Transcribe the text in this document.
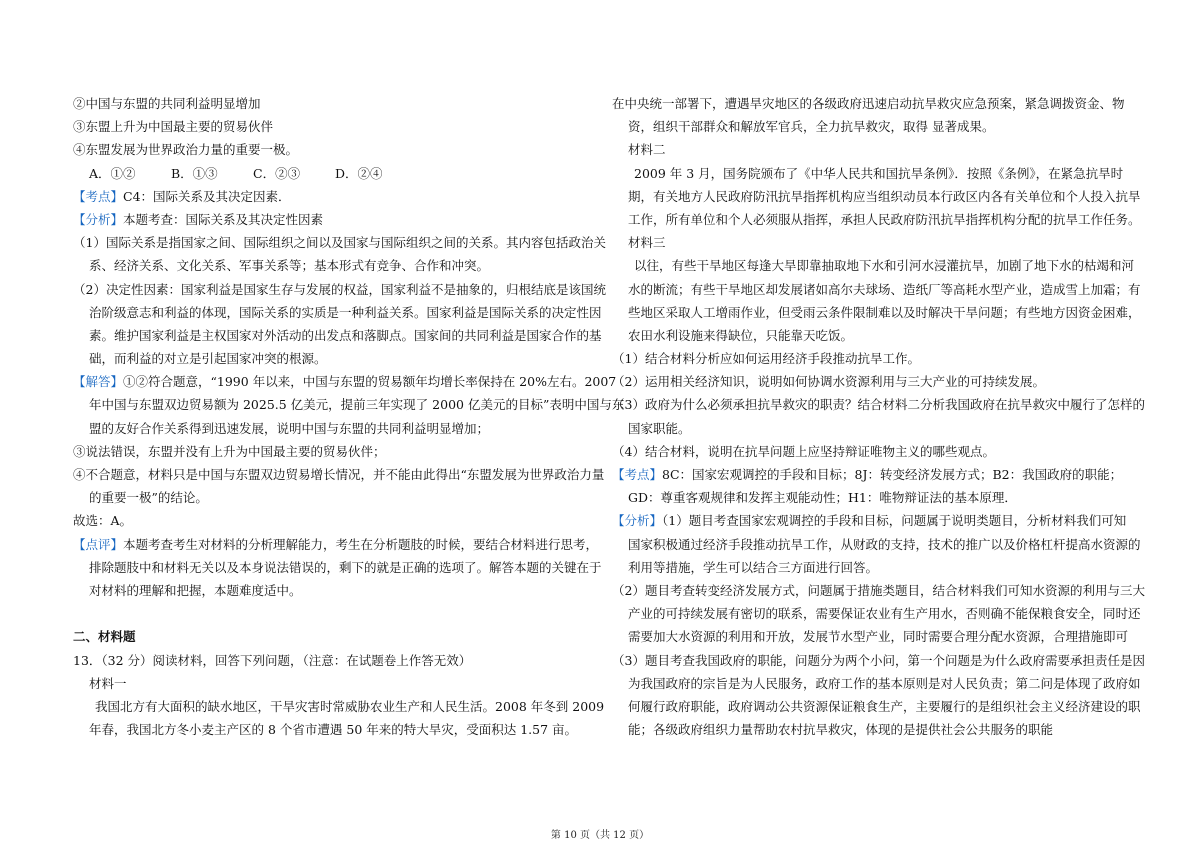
②中国与东盟的共同利益明显增加
③东盟上升为中国最主要的贸易伙伴
④东盟发展为世界政治力量的重要一极。
A．①②	B．①③	C．②③	D．②④
【考点】C4：国际关系及其决定因素．
【分析】本题考查：国际关系及其决定性因素
（1）国际关系是指国家之间、国际组织之间以及国家与国际组织之间的关系。其内容包括政治关
系、经济关系、文化关系、军事关系等；基本形式有竞争、合作和冲突。
（2）决定性因素：国家利益是国家生存与发展的权益，国家利益不是抽象的，归根结底是该国统
治阶级意志和利益的体现，国际关系的实质是一种利益关系。国家利益是国际关系的决定性因
素。维护国家利益是主权国家对外活动的出发点和落脚点。国家间的共同利益是国家合作的基
础，而利益的对立是引起国家冲突的根源。
【解答】①②符合题意，“1990 年以来，中国与东盟的贸易额年均增长率保持在 20%左右。2007
年中国与东盟双边贸易额为 2025.5 亿美元，提前三年实现了 2000 亿美元的目标”表明中国与东
盟的友好合作关系得到迅速发展，说明中国与东盟的共同利益明显增加；
③说法错误，东盟并没有上升为中国最主要的贸易伙伴；
④不合题意，材料只是中国与东盟双边贸易增长情况，并不能由此得出“东盟发展为世界政治力量
的重要一极”的结论。
故选：A。
【点评】本题考查考生对材料的分析理解能力，考生在分析题肢的时候，要结合材料进行思考，
排除题肢中和材料无关以及本身说法错误的，剩下的就是正确的选项了。解答本题的关键在于
对材料的理解和把握，本题难度适中。
二、材料题
13．（32 分）阅读材料，回答下列问题，（注意：在试题卷上作答无效）
材料一
我国北方有大面积的缺水地区，干旱灾害时常威胁农业生产和人民生活。2008 年冬到 2009
年春，我国北方冬小麦主产区的 8 个省市遭遇 50 年来的特大旱灾，受面积达 1.57 亩。
在中央统一部署下，遭遇旱灾地区的各级政府迅速启动抗旱救灾应急预案，紧急调拨资金、物
资，组织干部群众和解放军官兵，全力抗旱救灾，取得 显著成果。
材料二
2009 年 3 月，国务院颁布了《中华人民共和国抗旱条例》．按照《条例》，在紧急抗旱时
期，有关地方人民政府防汛抗旱指挥机构应当组织动员本行政区内各有关单位和个人投入抗旱
工作，所有单位和个人必须服从指挥，承担人民政府防汛抗旱指挥机构分配的抗旱工作任务。
材料三
以往，有些干旱地区每逢大旱即靠抽取地下水和引河水浸灌抗旱，加剧了地下水的枯竭和河
水的断流；有些干旱地区却发展诸如高尔夫球场、造纸厂等高耗水型产业，造成雪上加霜；有
些地区采取人工增雨作业，但受雨云条件限制难以及时解决干旱问题；有些地方因资金困难，
农田水利设施来得缺位，只能靠天吃饭。
（1）结合材料分析应如何运用经济手段推动抗旱工作。
（2）运用相关经济知识，说明如何协调水资源利用与三大产业的可持续发展。
（3）政府为什么必须承担抗旱救灾的职责？结合材料二分析我国政府在抗旱救灾中履行了怎样的
国家职能。
（4）结合材料，说明在抗旱问题上应坚持辩证唯物主义的哪些观点。
【考点】8C：国家宏观调控的手段和目标；8J：转变经济发展方式；B2：我国政府的职能；
GD：尊重客观规律和发挥主观能动性；H1：唯物辩证法的基本原理．
【分析】（1）题目考查国家宏观调控的手段和目标，问题属于说明类题目，分析材料我们可知
国家积极通过经济手段推动抗旱工作，从财政的支持，技术的推广以及价格杠杆提高水资源的
利用等措施，学生可以结合三方面进行回答。
（2）题目考查转变经济发展方式，问题属于措施类题目，结合材料我们可知水资源的利用与三大
产业的可持续发展有密切的联系，需要保证农业有生产用水，否则确不能保粮食安全，同时还
需要加大水资源的利用和开放，发展节水型产业，同时需要合理分配水资源，合理措施即可
（3）题目考查我国政府的职能，问题分为两个小问，第一个问题是为什么政府需要承担责任是因
为我国政府的宗旨是为人民服务，政府工作的基本原则是对人民负责；第二问是体现了政府如
何履行政府职能，政府调动公共资源保证粮食生产，主要履行的是组织社会主义经济建设的职
能；各级政府组织力量帮助农村抗旱救灾，体现的是提供社会公共服务的职能
第 10 页（共 12 页）
